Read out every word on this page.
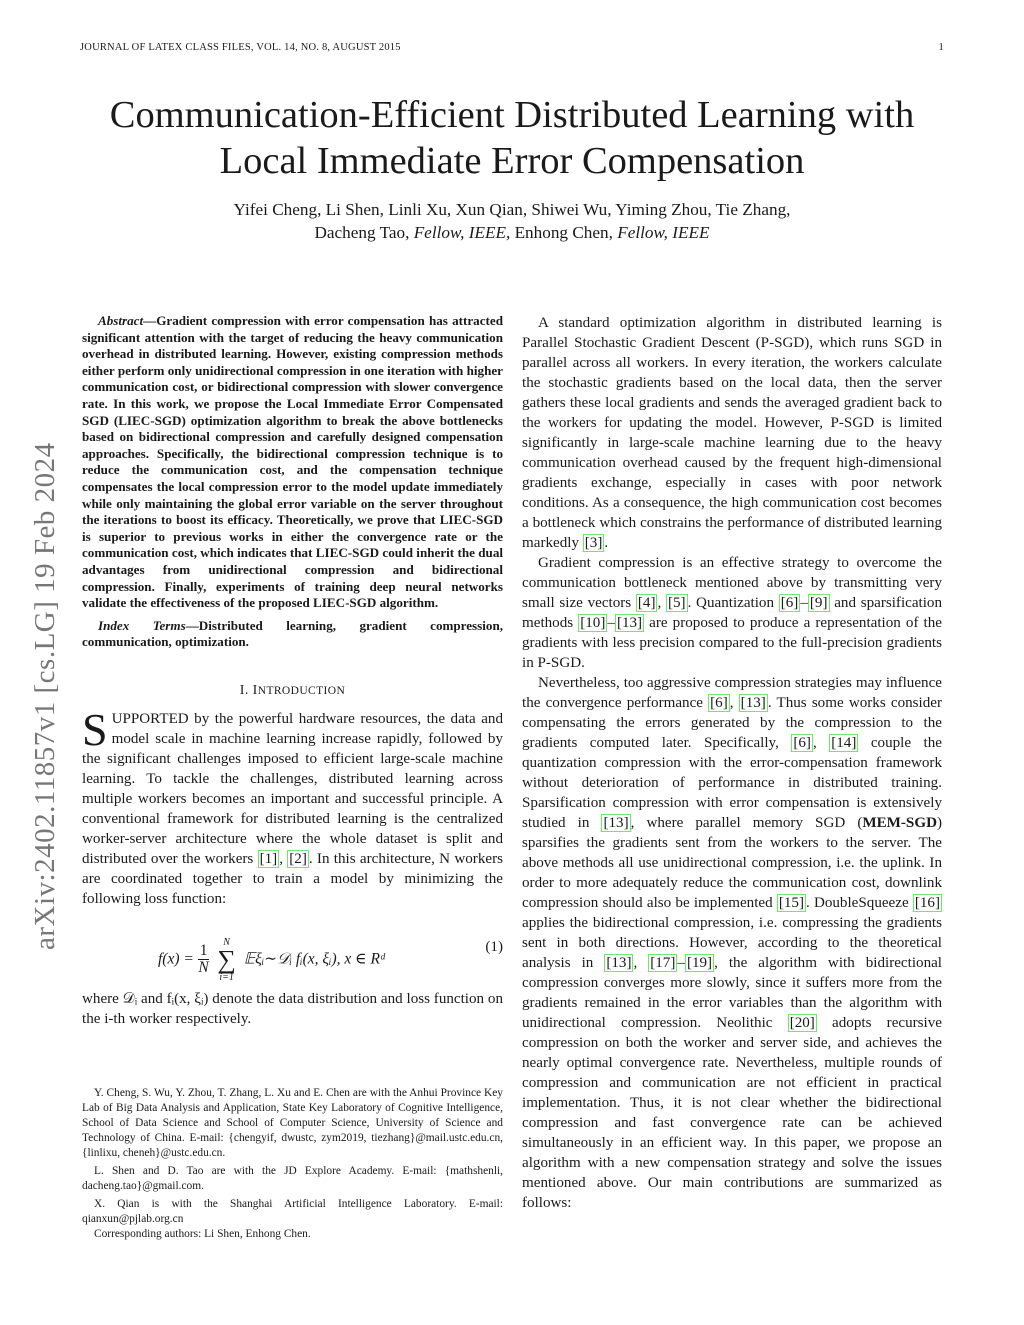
JOURNAL OF LATEX CLASS FILES, VOL. 14, NO. 8, AUGUST 2015	1
Communication-Efficient Distributed Learning with
Local Immediate Error Compensation
Yifei Cheng, Li Shen, Linli Xu, Xun Qian, Shiwei Wu, Yiming Zhou, Tie Zhang,
Dacheng Tao, Fellow, IEEE, Enhong Chen, Fellow, IEEE
arXiv:2402.11857v1 [cs.LG] 19 Feb 2024

Abstract—Gradient compression with error compensation has attracted significant attention with the target of reducing the heavy communication overhead in distributed learning. However, existing compression methods either perform only unidirectional compression in one iteration with higher communication cost, or bidirectional compression with slower convergence rate. In this work, we propose the Local Immediate Error Compensated SGD (LIEC-SGD) optimization algorithm to break the above bottlenecks based on bidirectional compression and carefully designed compensation approaches. Specifically, the bidirectional compression technique is to reduce the communication cost, and the compensation technique compensates the local compression error to the model update immediately while only maintaining the global error variable on the server throughout the iterations to boost its efficacy. Theoretically, we prove that LIEC-SGD is superior to previous works in either the convergence rate or the communication cost, which indicates that LIEC-SGD could inherit the dual advantages from unidirectional compression and bidirectional compression. Finally, experiments of training deep neural networks validate the effectiveness of the proposed LIEC-SGD algorithm.

Index Terms—Distributed learning, gradient compression, communication, optimization.

I. INTRODUCTION

SUPPORTED by the powerful hardware resources, the data and model scale in machine learning increase rapidly, followed by the significant challenges imposed to efficient large-scale machine learning. To tackle the challenges, distributed learning across multiple workers becomes an important and successful principle. A conventional framework for distributed learning is the centralized worker-server architecture where the whole dataset is split and distributed over the workers [1] , [2] . In this architecture, N workers are coordinated together to train a model by minimizing the following loss function:

$f(x) = \frac{1}{N}$

N
∑
i=1
𝔼ξᵢ∼𝒟ᵢ fᵢ(x, ξᵢ), x ∈ Rᵈ
(1)

where 𝒟ᵢ and fᵢ(x, ξᵢ) denote the data distribution and loss function on the i-th worker respectively.

Y. Cheng, S. Wu, Y. Zhou, T. Zhang, L. Xu and E. Chen are with the Anhui Province Key Lab of Big Data Analysis and Application, State Key Laboratory of Cognitive Intelligence, School of Data Science and School of Computer Science, University of Science and Technology of China. E-mail: {chengyif, dwustc, zym2019, tiezhang}@mail.ustc.edu.cn, {linlixu, cheneh}@ustc.edu.cn.

L. Shen and D. Tao are with the JD Explore Academy. E-mail: {mathshenli, dacheng.tao}@gmail.com.

X. Qian is with the Shanghai Artificial Intelligence Laboratory. E-mail: qianxun@pjlab.org.cn

Corresponding authors: Li Shen, Enhong Chen.

A standard optimization algorithm in distributed learning is Parallel Stochastic Gradient Descent (P-SGD), which runs SGD in parallel across all workers. In every iteration, the workers calculate the stochastic gradients based on the local data, then the server gathers these local gradients and sends the averaged gradient back to the workers for updating the model. However, P-SGD is limited significantly in large-scale machine learning due to the heavy communication overhead caused by the frequent high-dimensional gradients exchange, especially in cases with poor network conditions. As a consequence, the high communication cost becomes a bottleneck which constrains the performance of distributed learning markedly [3] .

Gradient compression is an effective strategy to overcome the communication bottleneck mentioned above by transmitting very small size vectors [4] , [5] . Quantization [6] – [9] and sparsification methods [10] – [13] are proposed to produce a representation of the gradients with less precision compared to the full-precision gradients in P-SGD.

Nevertheless, too aggressive compression strategies may influence the convergence performance [6] , [13] . Thus some works consider compensating the errors generated by the compression to the gradients computed later. Specifically, [6] , [14] couple the quantization compression with the error-compensation framework without deterioration of performance in distributed training. Sparsification compression with error compensation is extensively studied in [13] , where parallel memory SGD (MEM-SGD) sparsifies the gradients sent from the workers to the server. The above methods all use unidirectional compression, i.e. the uplink. In order to more adequately reduce the communication cost, downlink compression should also be implemented [15] . DoubleSqueeze [16] applies the bidirectional compression, i.e. compressing the gradients sent in both directions. However, according to the theoretical analysis in [13] , [17] – [19] , the algorithm with bidirectional compression converges more slowly, since it suffers more from the gradients remained in the error variables than the algorithm with unidirectional compression. Neolithic [20] adopts recursive compression on both the worker and server side, and achieves the nearly optimal convergence rate. Nevertheless, multiple rounds of compression and communication are not efficient in practical implementation. Thus, it is not clear whether the bidirectional compression and fast convergence rate can be achieved simultaneously in an efficient way. In this paper, we propose an algorithm with a new compensation strategy and solve the issues mentioned above. Our main contributions are summarized as follows:
